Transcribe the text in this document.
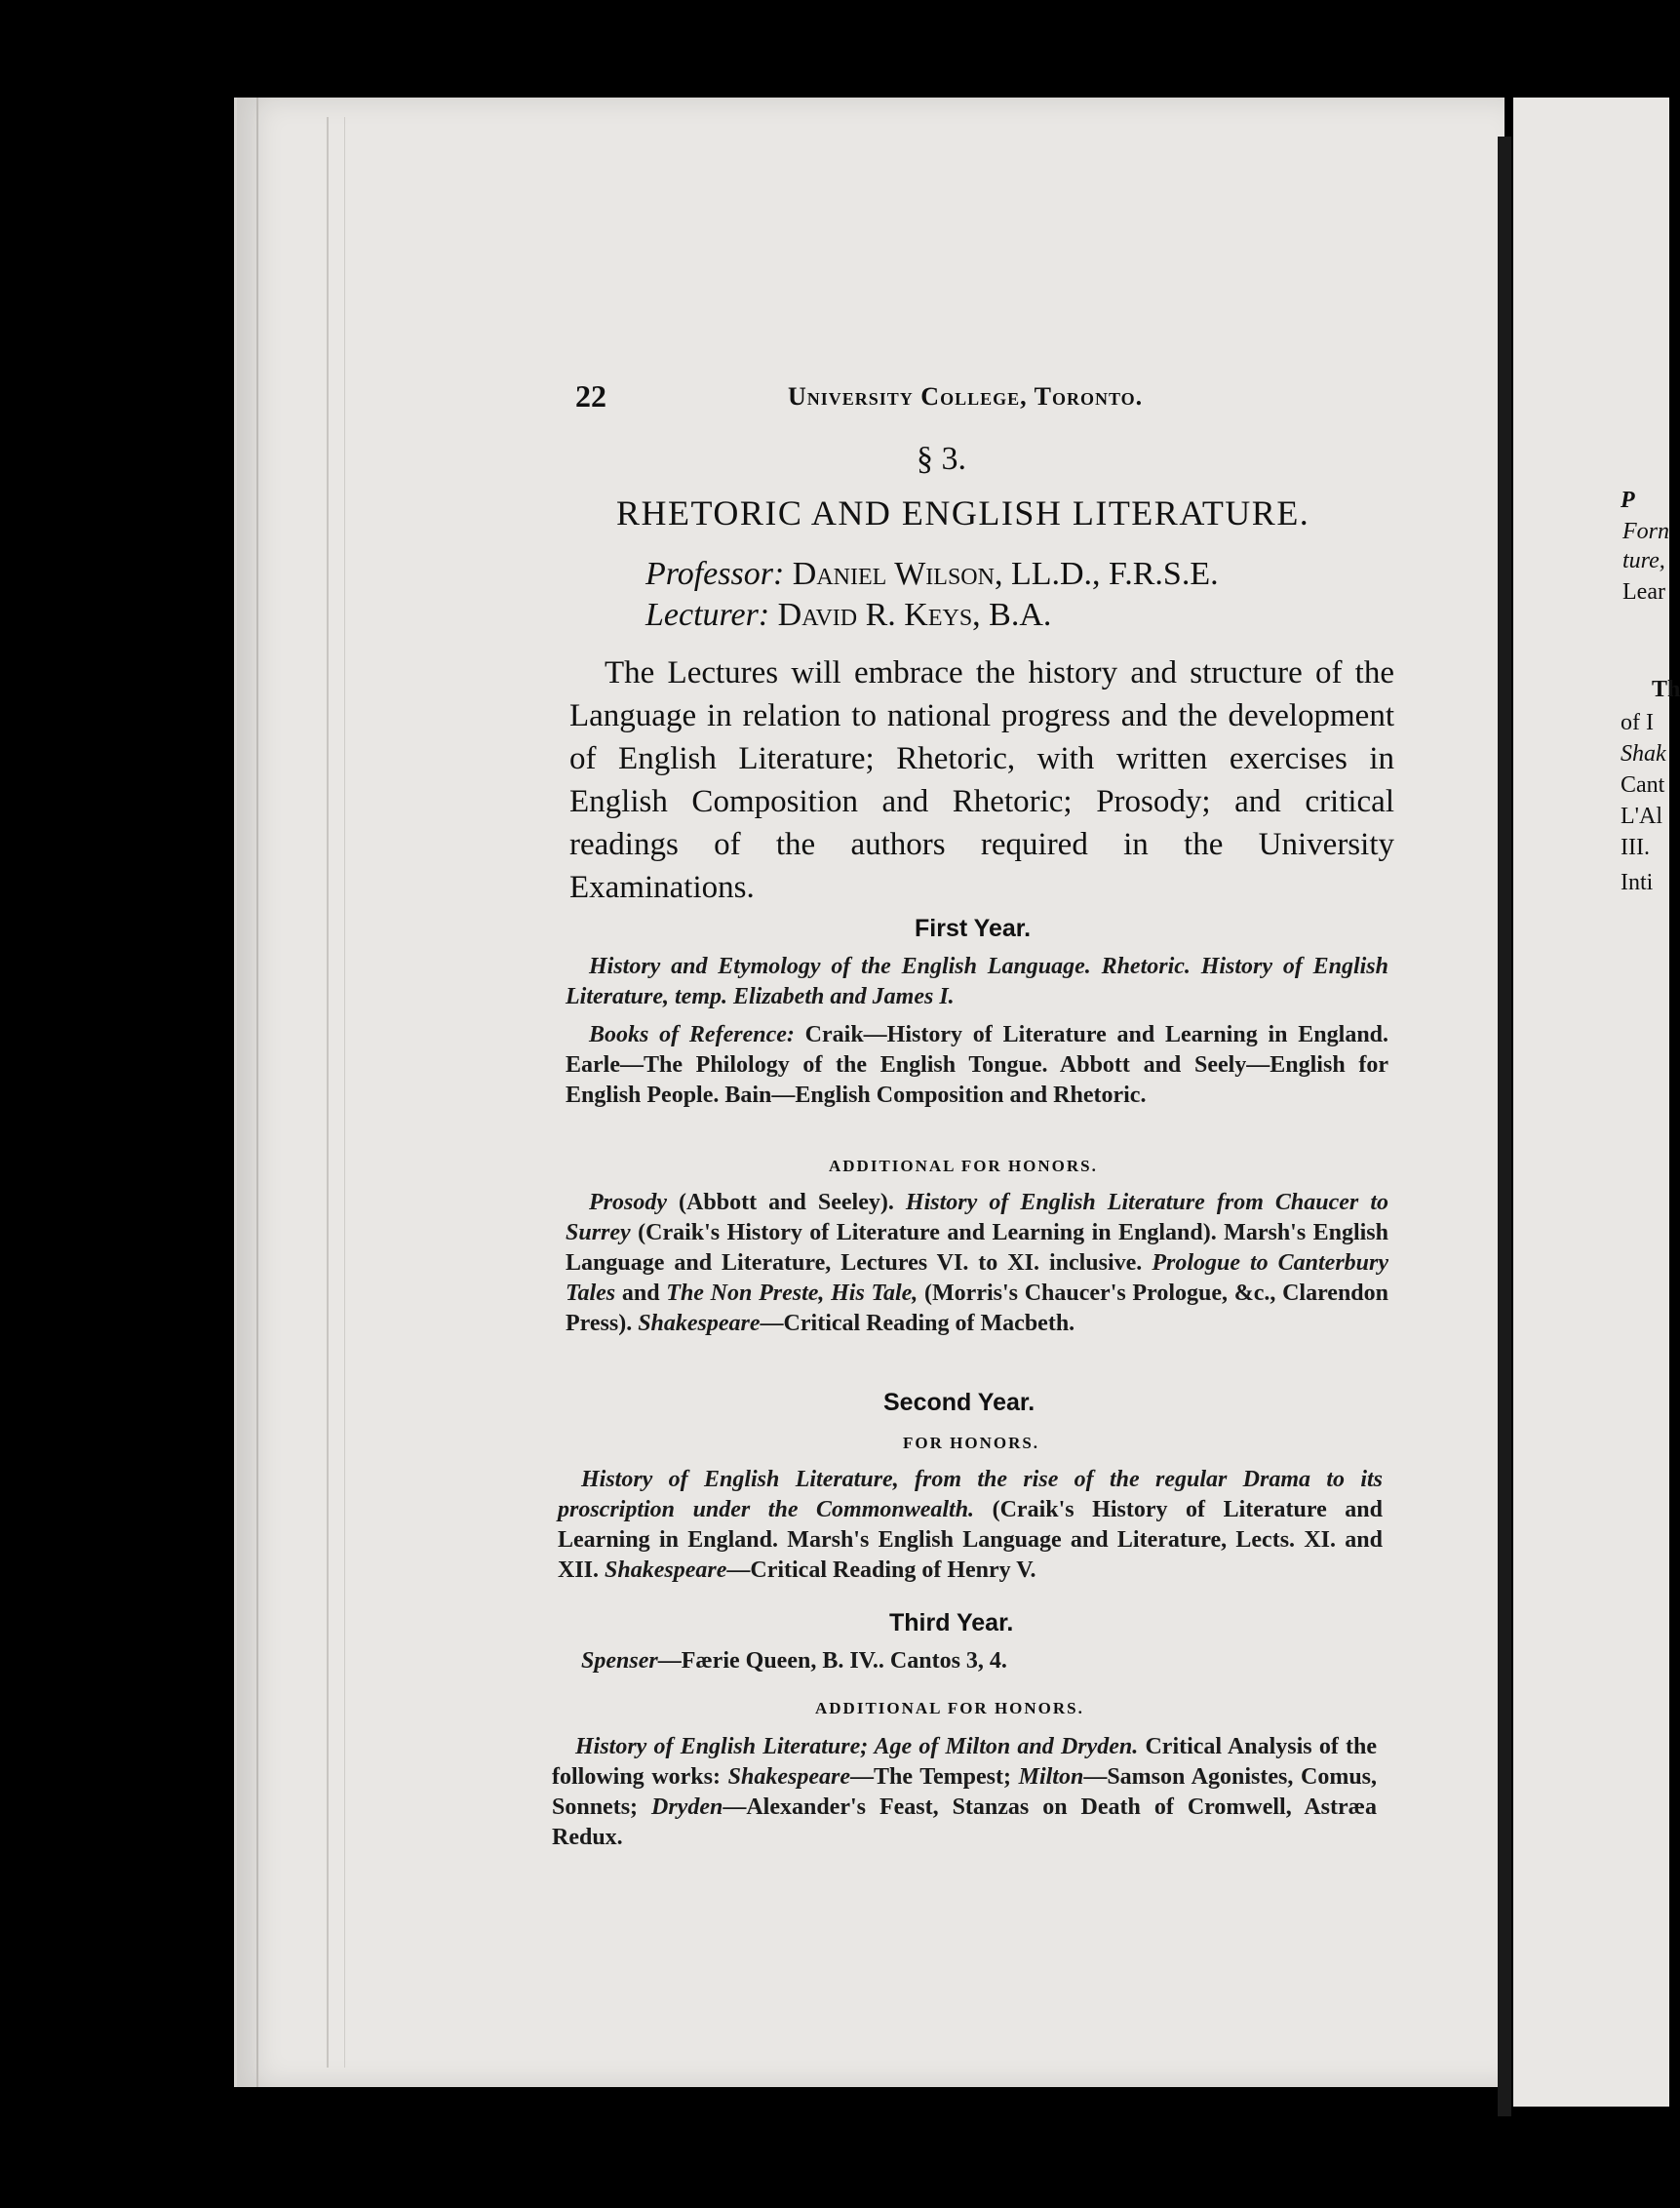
P
Forn
ture,
Lear
Th
of I
Shak
Cant
L'Al
III.
Inti
22	University College, Toronto.
§ 3.
RHETORIC AND ENGLISH LITERATURE.
Professor: Daniel Wilson, LL.D., F.R.S.E.
Lecturer: David R. Keys, B.A.

The Lectures will embrace the history and structure of the Language in relation to national progress and the development of English Literature; Rhetoric, with written exercises in English Composition and Rhetoric; Prosody; and critical readings of the authors required in the University Examinations.

First Year.

History and Etymology of the English Language. Rhetoric. History of English Literature, temp. Elizabeth and James I.

Books of Reference: Craik—History of Literature and Learning in England. Earle—The Philology of the English Tongue. Abbott and Seely—English for English People. Bain—English Composition and Rhetoric.

ADDITIONAL FOR HONORS.

Prosody (Abbott and Seeley). History of English Literature from Chaucer to Surrey (Craik's History of Literature and Learning in England). Marsh's English Language and Literature, Lectures VI. to XI. inclusive. Prologue to Canterbury Tales and The Non Preste, His Tale, (Morris's Chaucer's Prologue, &c., Clarendon Press). Shakespeare—Critical Reading of Macbeth.

Second Year.
FOR HONORS.

History of English Literature, from the rise of the regular Drama to its proscription under the Commonwealth. (Craik's History of Literature and Learning in England. Marsh's English Language and Literature, Lects. XI. and XII. Shakespeare—Critical Reading of Henry V.

Third Year.

Spenser—Færie Queen, B. IV.. Cantos 3, 4.

ADDITIONAL FOR HONORS.

History of English Literature; Age of Milton and Dryden. Critical Analysis of the following works: Shakespeare—The Tempest; Milton—Samson Agonistes, Comus, Sonnets; Dryden—Alexander's Feast, Stanzas on Death of Cromwell, Astræa Redux.
